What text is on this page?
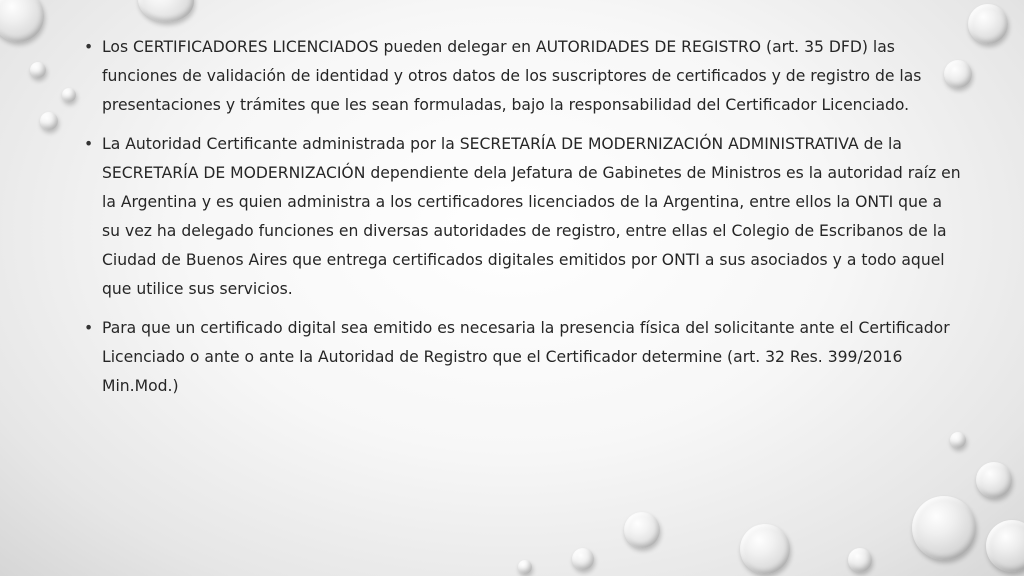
• Los CERTIFICADORES LICENCIADOS pueden delegar en AUTORIDADES DE REGISTRO (art. 35 DFD) las funciones de validación de identidad y otros datos de los suscriptores de certificados y de registro de las presentaciones y trámites que les sean formuladas, bajo la responsabilidad del Certificador Licenciado.
• La Autoridad Certificante administrada por la SECRETARÍA DE MODERNIZACIÓN ADMINISTRATIVA de la SECRETARÍA DE MODERNIZACIÓN dependiente dela Jefatura de Gabinetes de Ministros es la autoridad raíz en la Argentina y es quien administra a los certificadores licenciados de la Argentina, entre ellos la ONTI que a su vez ha delegado funciones en diversas autoridades de registro, entre ellas el Colegio de Escribanos de la Ciudad de Buenos Aires que entrega certificados digitales emitidos por ONTI a sus asociados y a todo aquel que utilice sus servicios.
• Para que un certificado digital sea emitido es necesaria la presencia física del solicitante ante el Certificador Licenciado o ante o ante la Autoridad de Registro que el Certificador determine (art. 32 Res. 399/2016 Min.Mod.)
